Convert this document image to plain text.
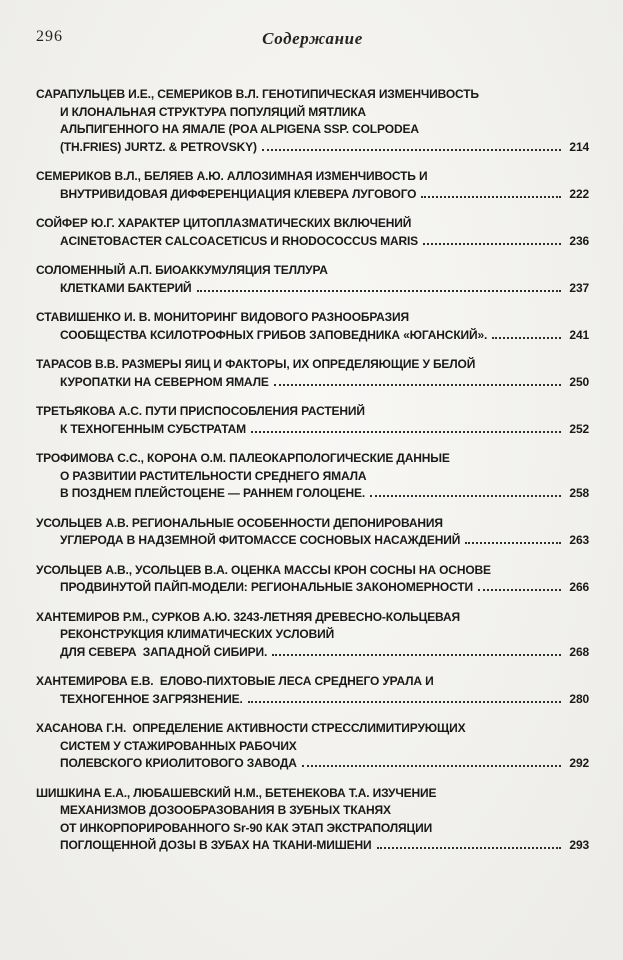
296	Содержание
САРАПУЛЬЦЕВ И.Е., СЕМЕРИКОВ В.Л. ГЕНОТИПИЧЕСКАЯ ИЗМЕНЧИВОСТЬ
И КЛОНАЛЬНАЯ СТРУКТУРА ПОПУЛЯЦИЙ МЯТЛИКА
АЛЬПИГЕННОГО НА ЯМАЛЕ (POA ALPIGENA SSP. COLPODEA
(TH.FRIES) JURTZ. & PETROVSKY)	214
СЕМЕРИКОВ В.Л., БЕЛЯЕВ А.Ю. АЛЛОЗИМНАЯ ИЗМЕНЧИВОСТЬ И
ВНУТРИВИДОВАЯ ДИФФЕРЕНЦИАЦИЯ КЛЕВЕРА ЛУГОВОГО	222
СОЙФЕР Ю.Г. ХАРАКТЕР ЦИТОПЛАЗМАТИЧЕСКИХ ВКЛЮЧЕНИЙ
ACINETOBACTER CALCOACETICUS И RHODOCOCCUS MARIS	236
СОЛОМЕННЫЙ А.П. БИОАККУМУЛЯЦИЯ ТЕЛЛУРА
КЛЕТКАМИ БАКТЕРИЙ	237
СТАВИШЕНКО И. В. МОНИТОРИНГ ВИДОВОГО РАЗНООБРАЗИЯ
СООБЩЕСТВА КСИЛОТРОФНЫХ ГРИБОВ ЗАПОВЕДНИКА «ЮГАНСКИЙ».	241
ТАРАСОВ В.В. РАЗМЕРЫ ЯИЦ И ФАКТОРЫ, ИХ ОПРЕДЕЛЯЮЩИЕ У БЕЛОЙ
КУРОПАТКИ НА СЕВЕРНОМ ЯМАЛЕ	250
ТРЕТЬЯКОВА А.С. ПУТИ ПРИСПОСОБЛЕНИЯ РАСТЕНИЙ
К ТЕХНОГЕННЫМ СУБСТРАТАМ	252
ТРОФИМОВА С.С., КОРОНА О.М. ПАЛЕОКАРПОЛОГИЧЕСКИЕ ДАННЫЕ
О РАЗВИТИИ РАСТИТЕЛЬНОСТИ СРЕДНЕГО ЯМАЛА
В ПОЗДНЕМ ПЛЕЙСТОЦЕНЕ — РАННЕМ ГОЛОЦЕНЕ.	258
УСОЛЬЦЕВ А.В. РЕГИОНАЛЬНЫЕ ОСОБЕННОСТИ ДЕПОНИРОВАНИЯ
УГЛЕРОДА В НАДЗЕМНОЙ ФИТОМАССЕ СОСНОВЫХ НАСАЖДЕНИЙ	263
УСОЛЬЦЕВ А.В., УСОЛЬЦЕВ В.А. ОЦЕНКА МАССЫ КРОН СОСНЫ НА ОСНОВЕ
ПРОДВИНУТОЙ ПАЙП-МОДЕЛИ: РЕГИОНАЛЬНЫЕ ЗАКОНОМЕРНОСТИ	266
ХАНТЕМИРОВ Р.М., СУРКОВ А.Ю. 3243-ЛЕТНЯЯ ДРЕВЕСНО-КОЛЬЦЕВАЯ
РЕКОНСТРУКЦИЯ КЛИМАТИЧЕСКИХ УСЛОВИЙ
ДЛЯ СЕВЕРА  ЗАПАДНОЙ СИБИРИ.	268
ХАНТЕМИРОВА Е.В.  ЕЛОВО-ПИХТОВЫЕ ЛЕСА СРЕДНЕГО УРАЛА И
ТЕХНОГЕННОЕ ЗАГРЯЗНЕНИЕ.	280
ХАСАНОВА Г.Н.  ОПРЕДЕЛЕНИЕ АКТИВНОСТИ СТРЕССЛИМИТИРУЮЩИХ
СИСТЕМ У СТАЖИРОВАННЫХ РАБОЧИХ
ПОЛЕВСКОГО КРИОЛИТОВОГО ЗАВОДА	292
ШИШКИНА Е.А., ЛЮБАШЕВСКИЙ Н.М., БЕТЕНЕКОВА Т.А. ИЗУЧЕНИЕ
МЕХАНИЗМОВ ДОЗООБРАЗОВАНИЯ В ЗУБНЫХ ТКАНЯХ
ОТ ИНКОРПОРИРОВАННОГО Sr-90 КАК ЭТАП ЭКСТРАПОЛЯЦИИ
ПОГЛОЩЕННОЙ ДОЗЫ В ЗУБАХ НА ТКАНИ-МИШЕНИ	293
